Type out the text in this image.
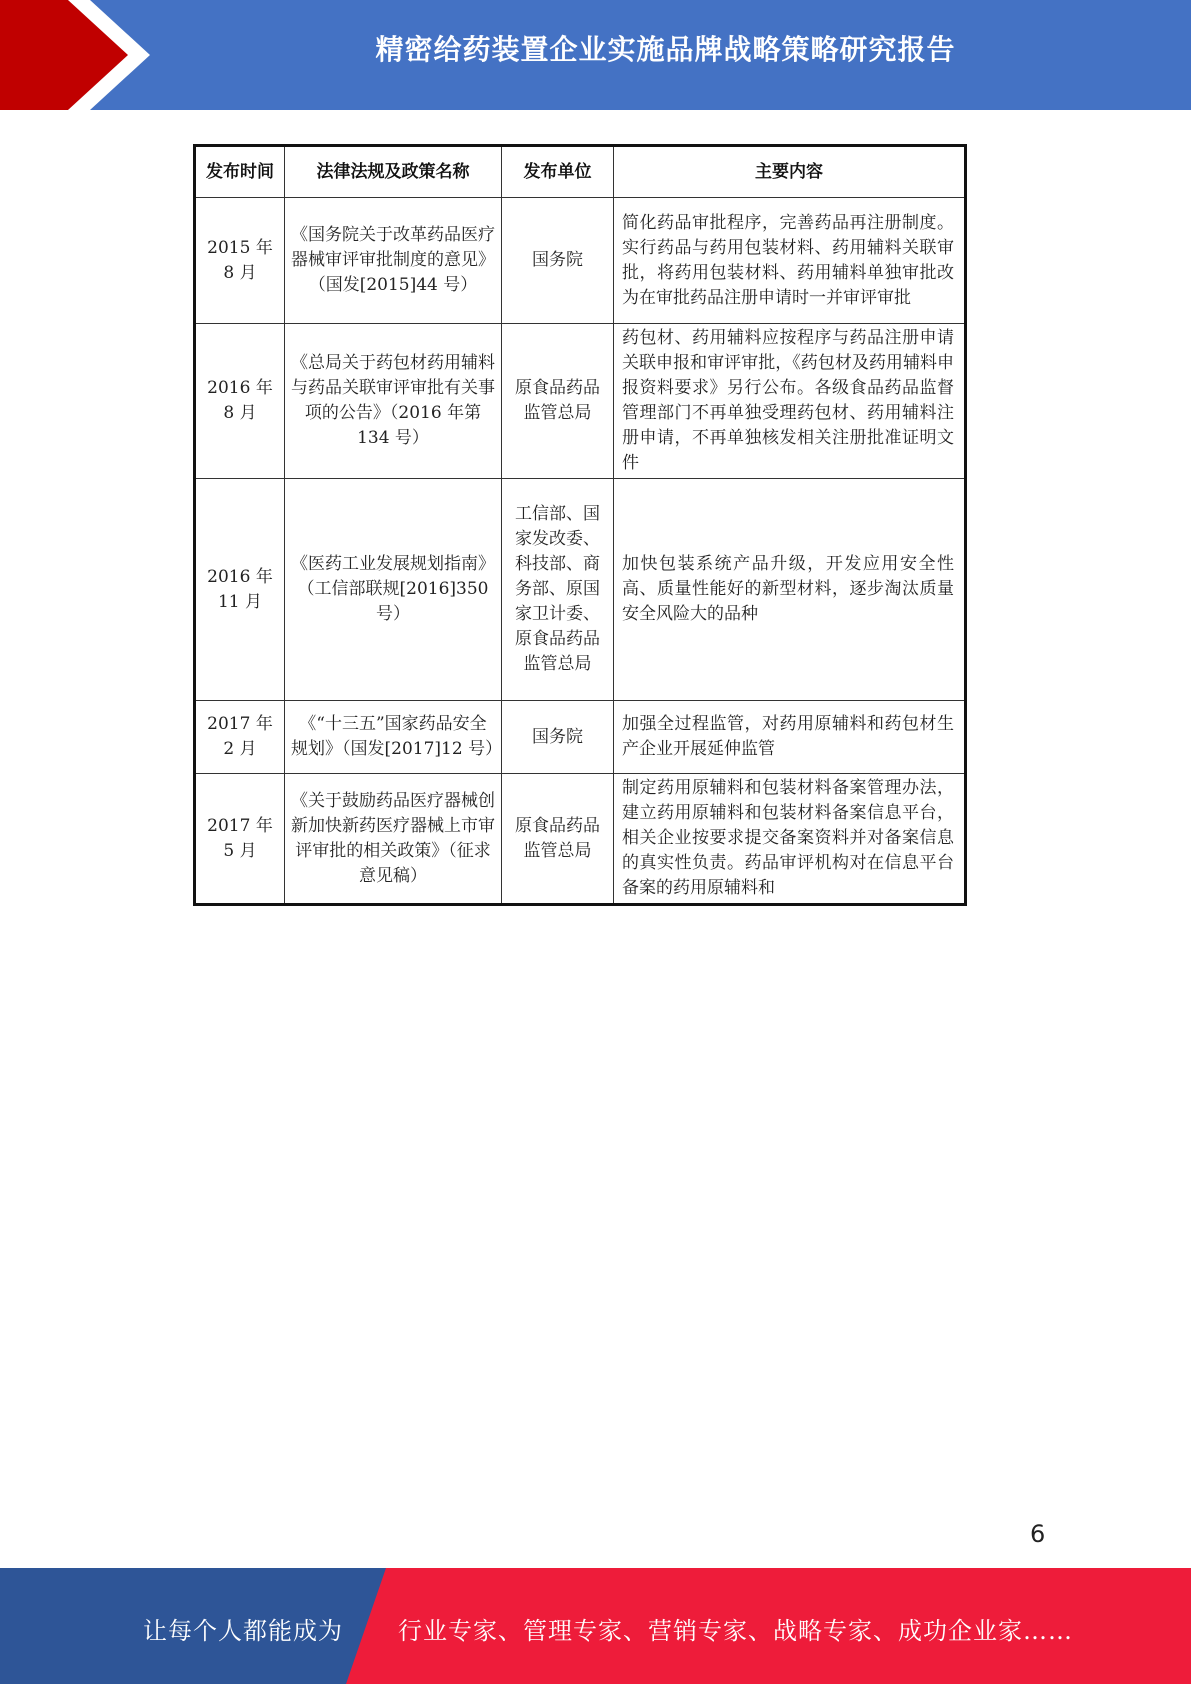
精密给药装置企业实施品牌战略策略研究报告
发布时间	法律法规及政策名称	发布单位	主要内容
2015 年 8 月	《国务院关于改革药品医疗器械审评审批制度的意见》（国发[2015]44 号）	国务院	简化药品审批程序，完善药品再注册制度。实行药品与药用包装材料、药用辅料关联审批，将药用包装材料、药用辅料单独审批改为在审批药品注册申请时一并审评审批
2016 年 8 月	《总局关于药包材药用辅料与药品关联审评审批有关事项的公告》（2016 年第 134 号）	原食品药品监管总局	药包材、药用辅料应按程序与药品注册申请关联申报和审评审批，《药包材及药用辅料申报资料要求》另行公布。各级食品药品监督管理部门不再单独受理药包材、药用辅料注册申请，不再单独核发相关注册批准证明文件
2016 年 11 月	《医药工业发展规划指南》（工信部联规[2016]350 号）	工信部、国家发改委、科技部、商务部、原国家卫计委、原食品药品监管总局	加快包装系统产品升级，开发应用安全性高、质量性能好的新型材料，逐步淘汰质量安全风险大的品种
2017 年 2 月	《“十三五”国家药品安全规划》（国发[2017]12 号）	国务院	加强全过程监管，对药用原辅料和药包材生产企业开展延伸监管
2017 年 5 月	《关于鼓励药品医疗器械创新加快新药医疗器械上市审评审批的相关政策》（征求意见稿）	原食品药品监管总局	制定药用原辅料和包装材料备案管理办法，建立药用原辅料和包装材料备案信息平台，相关企业按要求提交备案资料并对备案信息的真实性负责。药品审评机构对在信息平台备案的药用原辅料和
6
让每个人都能成为 行业专家、管理专家、营销专家、战略专家、成功企业家……
